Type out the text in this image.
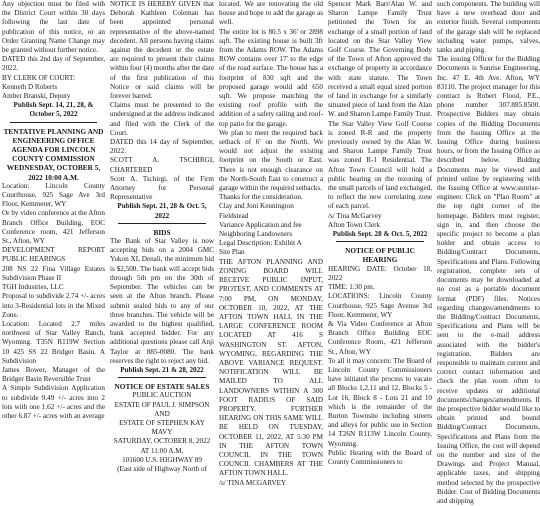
Any objection must be filed with the District Court within 30 days following the last date of publication of this notice, or an Order Granting Name Change may be granted without further notice.

DATED this 2nd day of September, 2022.

BY CLERK OF COURT:

Kenneth D Roberts

Amber Branski, Deputy

Publish Sept. 14, 21, 28, & October 5, 2022

TENTATIVE PLANNING AND ENGINEERING OFFICE AGENDA FOR LINCOLN COUNTY COMMISSION WEDNESDAY, OCTOBER 5, 2022 10:00 A.M.

Location: Lincoln County Courthouse, 925 Sage Ave 3rd Floor, Kemmerer, WY

Or by video conference at the Afton Branch Office Building, EOC Conference room, 421 Jefferson St., Afton, WY

DEVELOPMENT REPORT PUBLIC HEARINGS

208 NS 22 Fina Village Estates Subdivision Phase II

TGH Industries, LLC

Proposal to subdivide 2.74 +/- acres into 3-Residential lots in the Mixed Zone.

Location: Located 2.7 miles northwest of Star Valley Ranch, Wyoming. T35N R119W Section 10 425 SS 22 Bridger Basin. A Subdivision

James Bower, Manager of the Bridger Basin Reversible Trust

A Simple Subdivision Application to subdivide 9.49 +/- acres into 2 lots with one 1.62 +/- acres and the other 6.87 +/- acres with an average

NOTICE IS HEREBY GIVEN that Deborah Kathleen Coleman has been appointed personal representative of the above-named decedent. All persons having claims against the decedent or the estate are required to present their claims within four (4) months after the date of the first publication of this Notice or said claims will be forever barred.

Claims must be presented to the undersigned at the address indicated and filed with the Clerk of the Court.

DATED this 14 day of September, 2022.

SCOTT A. TSCHIRGI, CHARTERED

Scott A. Tschirgi, of the Firm Attorney for Personal Representative

Publish Sept. 21, 28 & Oct. 5, 2022

BIDS

The Bank of Star Valley is now accepting bids on a 2004 GMC Yukon XL Denali, the minimum bid is $2,500. The bank will accept bids through 5th pm on the 30th of September. The vehicles can be seen at the Afton branch. Please submit sealed bids to any of our three branches. The vehicle will be awarded to the highest qualified, bank accepted bidder. For any additional questions please call Anji Taylor at 885-0080. The bank reserves the right to reject any bid.

Publish Sept. 21 & 28, 2022

NOTICE OF ESTATE SALES

PUBLIC AUCTION

ESTATE OF PAUL J. SIMPSON

AND

ESTATE OF STEPHEN KAY MAVY

SATURDAY, OCTOBER 8, 2022 AT 11:00 A.M.

101600 U.S. HIGHWAY 89

(East side of Highway North of

located. We are renovating the old house and hope to add the garage as well.

The entire lot is 80.5 x 36' or 2898 sqft. The existing house is built 3ft from the Adams ROW. The Adams ROW contains over 17' to the edge of the road surface. The house has a footprint of 830 sqft and the proposed garage would add 650 sqft. We propose matching the existing roof profile with the addition of a safety railing and roof-top patio for the garage.

We plan to meet the required back setback of 6' on the North. We would not adjust the existing footprint on the South or East. There is not enough clearance on the North-South East to construct a garage within the required setbacks.

Thanks for the consideration.

Clay and Joni Kennington

Fieldstead

Variance Application and fee

Neighboring Landowners

Legal Description: Exhibit A

Site Plan

THE AFTON PLANNING AND ZONING BOARD WILL RECEIVE PUBLIC INPUT, PROTEST, AND COMMENTS AT 7:00 PM, ON MONDAY, OCTOBER 10, 2022, AT THE AFTON TOWN HALL IN THE LARGE CONFERENCE ROOM LOCATED AT 416 S WASHINGTON ST. AFTON, WYOMING, REGARDING THE ABOVE VARIANCE REQUEST. NOTIFICATION WILL BE MAILED TO ALL LANDOWNERS WITHIN A 300 FOOT RADIUS OF SAID PROPERTY. FURTHER HEARING ON THIS SAME WILL BE HELD ON TUESDAY, OCTOBER 11, 2022, AT 5:30 PM IN THE AFTON TOWN COUNCIL IN THE TOWN COUNCIL CHAMBERS AT THE AFTON TOWN HALL.

/s/ TINA MCGARVEY

Spencer Mark Barr/Alan W. and Sharon Lampe Family Trust petitioned the Town for an exchange of a small portion of land located on the Star Valley View Golf Course. The Governing Body of the Town of Afton approved the exchange of property in accordance with state statute. The Town received a small equal sized portion of land in exchange for a similarly situated piece of land from the Alan W. and Sharon Lampe Family Trust. The Star Valley View Golf Course is zoned R-R and the property previously owned by the Alan W. and Sharon Lampe Family Trust was zoned R-1 Residential. The Afton Town Council will hold a public hearing on the rezoning of the small parcels of land exchanged, to reflect the new correlating zone of each parcel.

/s/ Tina McGarvey

Afton Town Clerk

Publish Sept. 28 & Oct. 5, 2022

NOTICE OF PUBLIC HEARING

HEARING DATE: October 18, 2022

TIME: 1:30 pm.

LOCATIONS: Lincoln County Courthouse, 925 Sage Avenue 3rd Floor, Kemmerer, WY

& Via Video Conference at Afton Branch Office Building EOC Conference Room, 421 Jefferson St., Afton, WY

To all it may concern: The Board of Lincoln County Commissioners have initiated the process to vacate all Blocks 1,2,11 and 12, Blocks 5 - Lot 16, Block 8 - Lots 21 and 10 which is the remainder of the Burton Townsite including streets and alleys for public use in Section 14 T26N R113W Lincoln County, Wyoming.

Public Hearing with the Board of County Commissioners to

such components. The building will have a new overhead door and exterior finish. Several components of the garage slab will be replaced including water pumps, valves, tanks and piping.

The issuing Officer for the Bidding Documents is Sunrise Engineering, Inc. 47 E. 4th Ave. Afton, WY 83110. The project manager for this contract is Robert Flood, P.E., phone number 307.885.8500. Prospective Bidders may obtain copies of the Bidding Documents from the Issuing Office at the Issuing Office during business hours, or from the Issuing Office as described below. Bidding Documents may be viewed and printed online by registering with the Issuing Office at www.sunrise-engineer. Click on "Plan Room" at the top right corner of the homepage. Bidders must register, sign in, and then choose the specific project to become a plan holder and obtain access to Bidding/Contract Documents, Specifications and Plans. Following registration, complete sets of documents may be downloaded at no cost as a portable document format (PDF) files. Notices regarding changes/amendments to the Bidding/Contract Documents, Specifications and Plans will be sent to the e-mail address associated with the bidder's registration. Bidders are responsible to maintain current and correct contact information and check the plan room often to receive updates or additional documents/changes/amendments. If the prospective bidder would like to obtain printed and bound Bidding/Contract Documents, Specifications and Plans from the Issuing Office, the cost will depend on the number and size of the Drawings and Project Manual, applicable taxes, and shipping method selected by the prospective Bidder. Cost of Bidding Documents and shipping
